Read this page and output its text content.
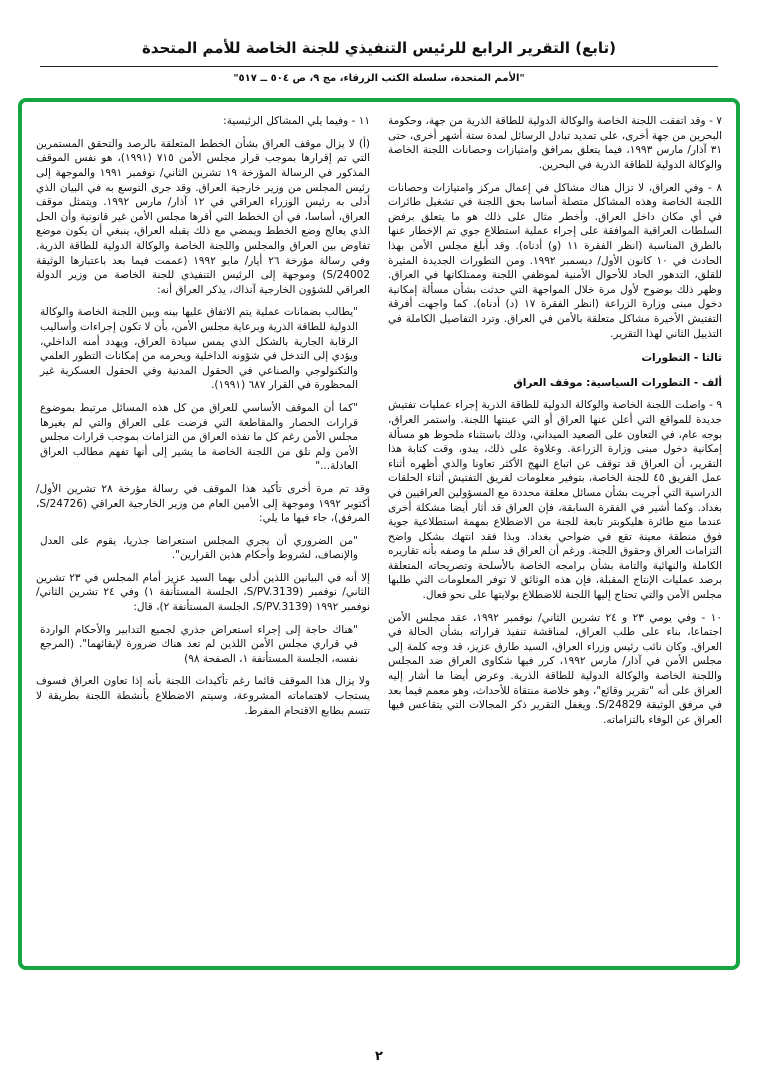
(تابع) التقرير الرابع للرئيس التنفيذي للجنة الخاصة للأمم المتحدة

"الأمم المتحدة، سلسلة الكتب الزرقاء، مج ٩، ص ٥٠٤ ــ ٥١٧"

٧ - وقد اتفقت اللجنة الخاصة والوكالة الدولية للطاقة الذرية من جهة، وحكومة البحرين من جهة أخرى، على تمديد تبادل الرسائل لمدة ستة أشهر أخرى، حتى ٣١ آذار/ مارس ١٩٩٣، فيما يتعلق بمرافق وامتيازات وحصانات اللجنة الخاصة والوكالة الدولية للطاقة الذرية في البحرين.

٨ - وفي العراق، لا تزال هناك مشاكل في إعمال مركز وامتيازات وحصانات اللجنة الخاصة وهذه المشاكل متصلة أساسا بحق اللجنة في تشغيل طائرات في أي مكان داخل العراق. وأخطر مثال على ذلك هو ما يتعلق برفض السلطات العراقية الموافقة على إجراء عملية استطلاع جوي تم الإخطار عنها بالطرق المناسبة (انظر الفقرة ١١ (و) أدناه). وقد أبلغ مجلس الأمن بهذا الحادث في ١٠ كانون الأول/ ديسمبر ١٩٩٢. ومن التطورات الجديدة المثيرة للقلق، التدهور الحاد للأحوال الأمنية لموظفي اللجنة وممتلكاتها في العراق. وظهر ذلك بوضوح لأول مرة خلال المواجهة التي حدثت بشأن مسألة إمكانية دخول مبنى وزارة الزراعة (انظر الفقرة ١٧ (د) أدناه). كما واجهت أفرقة التفتيش الأخيرة مشاكل متعلقة بالأمن في العراق. وترد التفاصيل الكاملة في التذييل الثاني لهذا التقرير.

ثالثا - التطورات

ألف - التطورات السياسية: موقف العراق

٩ - واصلت اللجنة الخاصة والوكالة الدولية للطاقة الذرية إجراء عمليات تفتيش جديدة للمواقع التي أعلن عنها العراق أو التي عينتها اللجنة. واستمر العراق، بوجه عام، في التعاون على الصعيد الميداني، وذلك باستثناء ملحوظ هو مسألة إمكانية دخول مبنى وزارة الزراعة. وعلاوة على ذلك، يبدو، وقت كتابة هذا التقرير، أن العراق قد توقف عن اتباع النهج الأكثر تعاونا والذي أظهره أثناء عمل الفريق ٤٥ للجنة الخاصة، بتوفير معلومات لفريق التفتيش أثناء الحلقات الدراسية التي أجريت بشأن مسائل معلقة محددة مع المسؤولين العراقيين في بغداد. وكما أشير في الفقرة السابقة، فإن العراق قد أثار أيضا مشكلة أخرى عندما منع طائرة هليكوبتر تابعة للجنة من الاضطلاع بمهمة استطلاعية جوية فوق منطقة معينة تقع في ضواحي بغداد. وبذا فقد انتهك بشكل واضح التزامات العراق وحقوق اللجنة. ورغم أن العراق قد سلم ما وصفه بأنه تقاريره الكاملة والنهائية والتامة بشأن برامجه الخاصة بالأسلحة وتصريحاته المتعلقة برصد عمليات الإنتاج المقبلة، فإن هذه الوثائق لا توفر المعلومات التي طلبها مجلس الأمن والتي تحتاج إليها اللجنة للاضطلاع بولايتها على نحو فعال.

١٠ - وفي يومي ٢٣ و ٢٤ تشرين الثاني/ نوفمبر ١٩٩٢، عقد مجلس الأمن اجتماعا، بناء على طلب العراق، لمناقشة تنفيذ قراراته بشأن الحالة في العراق. وكان نائب رئيس وزراء العراق، السيد طارق عزيز، قد وجه كلمة إلى مجلس الأمن في آذار/ مارس ١٩٩٢، كرر فيها شكاوى العراق ضد المجلس واللجنة الخاصة والوكالة الدولية للطاقة الذرية. وعرض أيضا ما أشار إليه العراق على أنه "تقرير وقائع"، وهو خلاصة منتقاة للأحداث، وهو معمم فيما بعد في مرفق الوثيقة S/24829. ويغفل التقرير ذكر المجالات التي يتقاعس فيها العراق عن الوفاء بالتزاماته.

١١ - وفيما يلي المشاكل الرئيسية:

(أ) لا يزال موقف العراق بشأن الخطط المتعلقة بالرصد والتحقق المستمرين التي تم إقرارها بموجب قرار مجلس الأمن ٧١٥ (١٩٩١)، هو نفس الموقف المذكور في الرسالة المؤرخة ١٩ تشرين الثاني/ نوفمبر ١٩٩١ والموجهة إلى رئيس المجلس من وزير خارجية العراق. وقد جرى التوسع به في البيان الذي أدلى به رئيس الوزراء العراقي في ١٢ آذار/ مارس ١٩٩٢. ويتمثل موقف العراق، أساسا، في أن الخطط التي أقرها مجلس الأمن غير قانونية وأن الحل الذي يعالج وضع الخطط ويمضي مع ذلك يقبله العراق، ينبغي أن يكون موضع تفاوض بين العراق والمجلس واللجنة الخاصة والوكالة الدولية للطاقة الذرية. وفي رسالة مؤرخة ٢٦ أيار/ مايو ١٩٩٢ (عممت فيما بعد باعتبارها الوثيقة S/24002) وموجهة إلى الرئيس التنفيذي للجنة الخاصة من وزير الدولة العراقي للشؤون الخارجية آنذاك، يذكر العراق أنه:

"يطالب بضمانات عملية يتم الاتفاق عليها بينه وبين اللجنة الخاصة والوكالة الدولية للطاقة الذرية وبرعاية مجلس الأمن، بأن لا تكون إجراءات وأساليب الرقابة الجارية بالشكل الذي يمس سيادة العراق، ويهدد أمنه الداخلي، ويؤدي إلى التدخل في شؤونه الداخلية ويحرمه من إمكانات التطور العلمي والتكنولوجي والصناعي في الحقول المدنية وفي الحقول العسكرية غير المحظورة في القرار ٦٨٧ (١٩٩١).

"كما أن الموقف الأساسي للعراق من كل هذه المسائل مرتبط بموضوع قرارات الحصار والمقاطعة التي فرضت على العراق والتي لم يغيرها مجلس الأمن رغم كل ما نفذه العراق من التزامات بموجب قرارات مجلس الأمن ولم نلق من اللجنة الخاصة ما يشير إلى أنها تفهم مطالب العراق العادلة..."

وقد تم مرة أخرى تأكيد هذا الموقف في رسالة مؤرخة ٢٨ تشرين الأول/ أكتوبر ١٩٩٢ وموجهة إلى الأمين العام من وزير الخارجية العراقي (S/24726، المرفق)، جاء فيها ما يلي:

"من الضروري أن يجري المجلس استعراضا جذريا، يقوم على العدل والإنصاف، لشروط وأحكام هذين القرارين".

إلا أنه في البيانين اللذين أدلى بهما السيد عزيز أمام المجلس في ٢٣ تشرين الثاني/ نوفمبر (S/PV.3139، الجلسة المستأنفة ١) وفي ٢٤ تشرين الثاني/ نوفمبر ١٩٩٢ (S/PV.3139، الجلسة المستأنفة ٢)، قال:

"هناك حاجة إلى إجراء استعراض جذري لجميع التدابير والأحكام الواردة في قراري مجلس الأمن اللذين لم تعد هناك ضرورة لإبقائهما". (المرجع نفسه، الجلسة المستأنفة ١، الصفحة ٩٨)

ولا يزال هذا الموقف قائما رغم تأكيدات اللجنة بأنه إذا تعاون العراق فسوف يستجاب لاهتماماته المشروعة، وسيتم الاضطلاع بأنشطة اللجنة بطريقة لا تتسم بطابع الاقتحام المفرط.

٢
